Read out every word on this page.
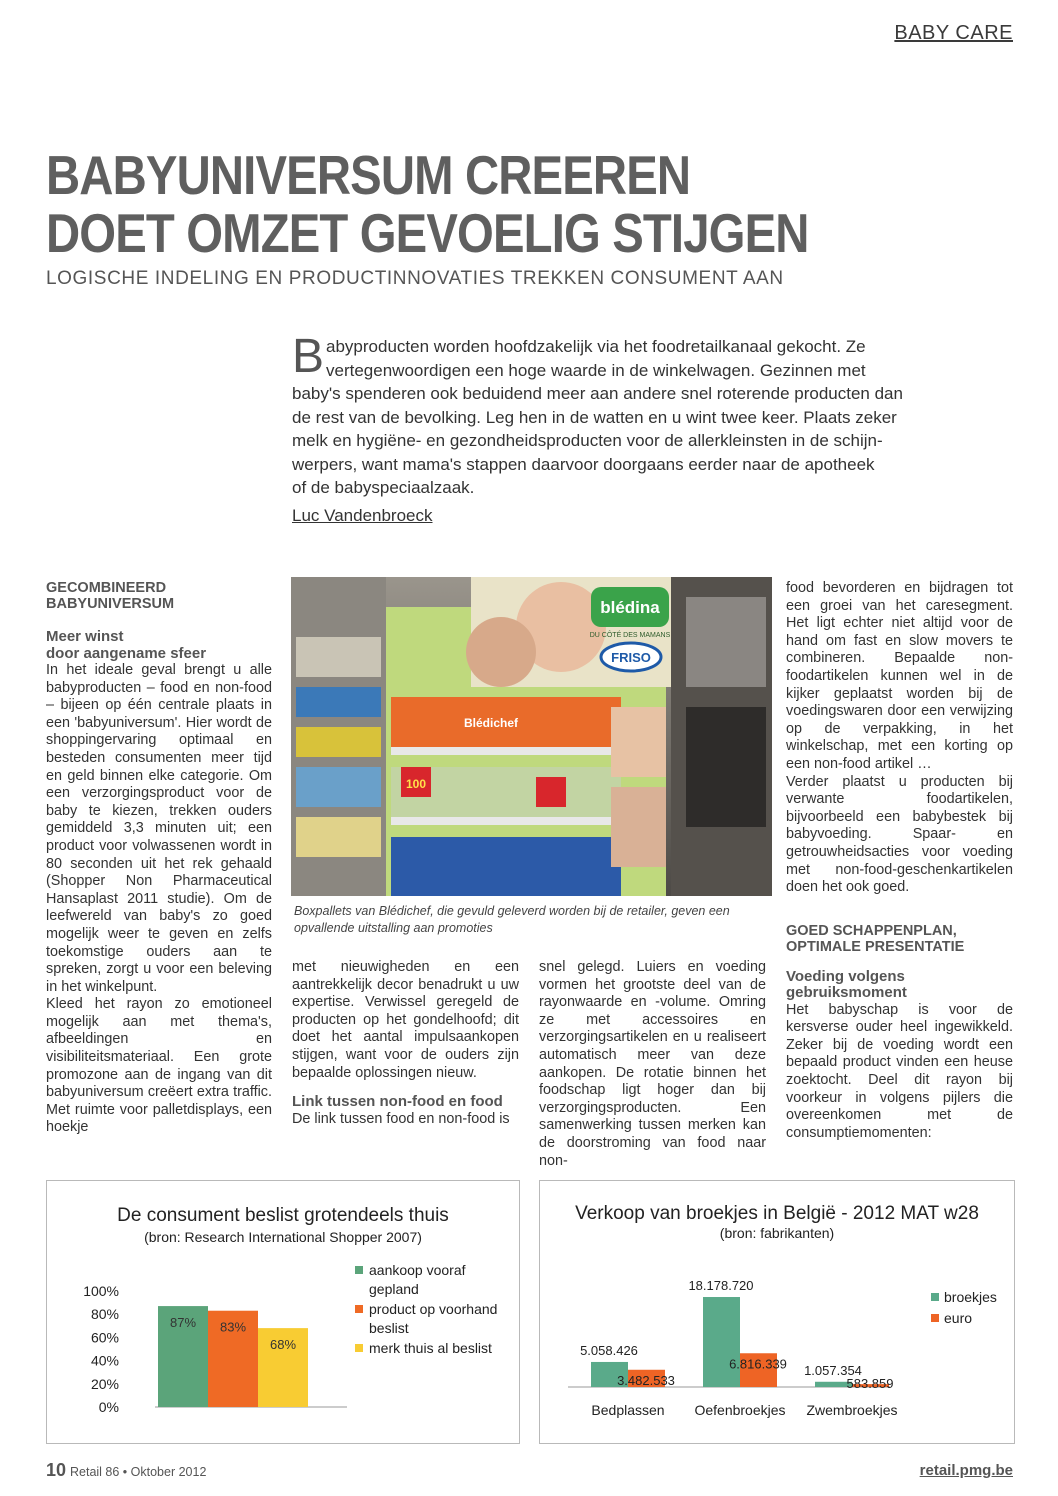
BABY CARE
BABYUNIVERSUM CREEREN
DOET OMZET GEVOELIG STIJGEN
LOGISCHE INDELING EN PRODUCTINNOVATIES TREKKEN CONSUMENT AAN
Babyproducten worden hoofdzakelijk via het foodretailkanaal gekocht. Ze
vertegenwoordigen een hoge waarde in de winkelwagen. Gezinnen met
baby's spenderen ook beduidend meer aan andere snel roterende producten dan
de rest van de bevolking. Leg hen in de watten en u wint twee keer. Plaats zeker
melk en hygiëne- en gezondheidsproducten voor de allerkleinsten in de schijn-
werpers, want mama's stappen daarvoor doorgaans eerder naar de apotheek
of de babyspeciaalzaak.
Luc Vandenbroeck
GECOMBINEERD
BABYUNIVERSUM
Meer winst
door aangename sfeer

In het ideale geval brengt u alle babyproducten – food en non-food – bijeen op één centrale plaats in een 'babyuniversum'. Hier wordt de shoppingervaring optimaal en besteden consumenten meer tijd en geld binnen elke categorie. Om een verzorgingsproduct voor de baby te kiezen, trekken ouders gemiddeld 3,3 minuten uit; een product voor volwassenen wordt in 80 seconden uit het rek gehaald (Shopper Non Pharmaceutical Hansaplast 2011 studie). Om de leefwereld van baby's zo goed mogelijk weer te geven en zelfs toekomstige ouders aan te spreken, zorgt u voor een beleving in het winkelpunt.

Kleed het rayon zo emotioneel mogelijk aan met thema's, afbeeldingen en visibiliteitsmateriaal. Een grote promozone aan de ingang van dit babyuniversum creëert extra traffic. Met ruimte voor palletdisplays, een hoekje

blédina
DU CÔTÉ DES MAMANS
FRISO
Blédichef
100
Boxpallets van Blédichef, die gevuld geleverd worden bij de retailer, geven een opvallende uitstalling aan promoties

met nieuwigheden en een aantrekkelijk decor benadrukt u uw expertise. Verwissel geregeld de producten op het gondelhoofd; dit doet het aantal impulsaankopen stijgen, want voor de ouders zijn bepaalde oplossingen nieuw.

Link tussen non-food en food

De link tussen food en non-food is

snel gelegd. Luiers en voeding vormen het grootste deel van de rayonwaarde en -volume. Omring ze met accessoires en verzorgingsartikelen en u realiseert automatisch meer van deze aankopen. De rotatie binnen het foodschap ligt hoger dan bij verzorgingsproducten. Een samenwerking tussen merken kan de doorstroming van food naar non-

food bevorderen en bijdragen tot een groei van het caresegment. Het ligt echter niet altijd voor de hand om fast en slow movers te combineren. Bepaalde non-foodartikelen kunnen wel in de kijker geplaatst worden bij de voedingswaren door een verwijzing op de verpakking, in het winkelschap, met een korting op een non-food artikel …

Verder plaatst u producten bij verwante foodartikelen, bijvoorbeeld een babybestek bij babyvoeding. Spaar- en getrouwheidsacties voor voeding met non-food-geschenkartikelen doen het ook goed.

GOED SCHAPPENPLAN,
OPTIMALE PRESENTATIE
Voeding volgens
gebruiksmoment

Het babyschap is voor de kersverse ouder heel ingewikkeld. Zeker bij de voeding wordt een bepaald product vinden een heuse zoektocht. Deel dit rayon bij voorkeur in volgens pijlers die overeenkomen met de consumptiemomenten:

De consument beslist grotendeels thuis
(bron: Research International Shopper 2007)
100%
80%
60%
40%
20%
0%
87% 83%
68%
aankoop vooraf
gepland
product op voorhand
beslist
merk thuis al beslist
Verkoop van broekjes in België - 2012 MAT w28
(bron: fabrikanten)
5.058.426
3.482.533
Bedplassen
18.178.720
6.816.339
Oefenbroekjes
1.057.354
583.859
Zwembroekjes
broekjes
euro
10 Retail 86 • Oktober 2012	retail.pmg.be
